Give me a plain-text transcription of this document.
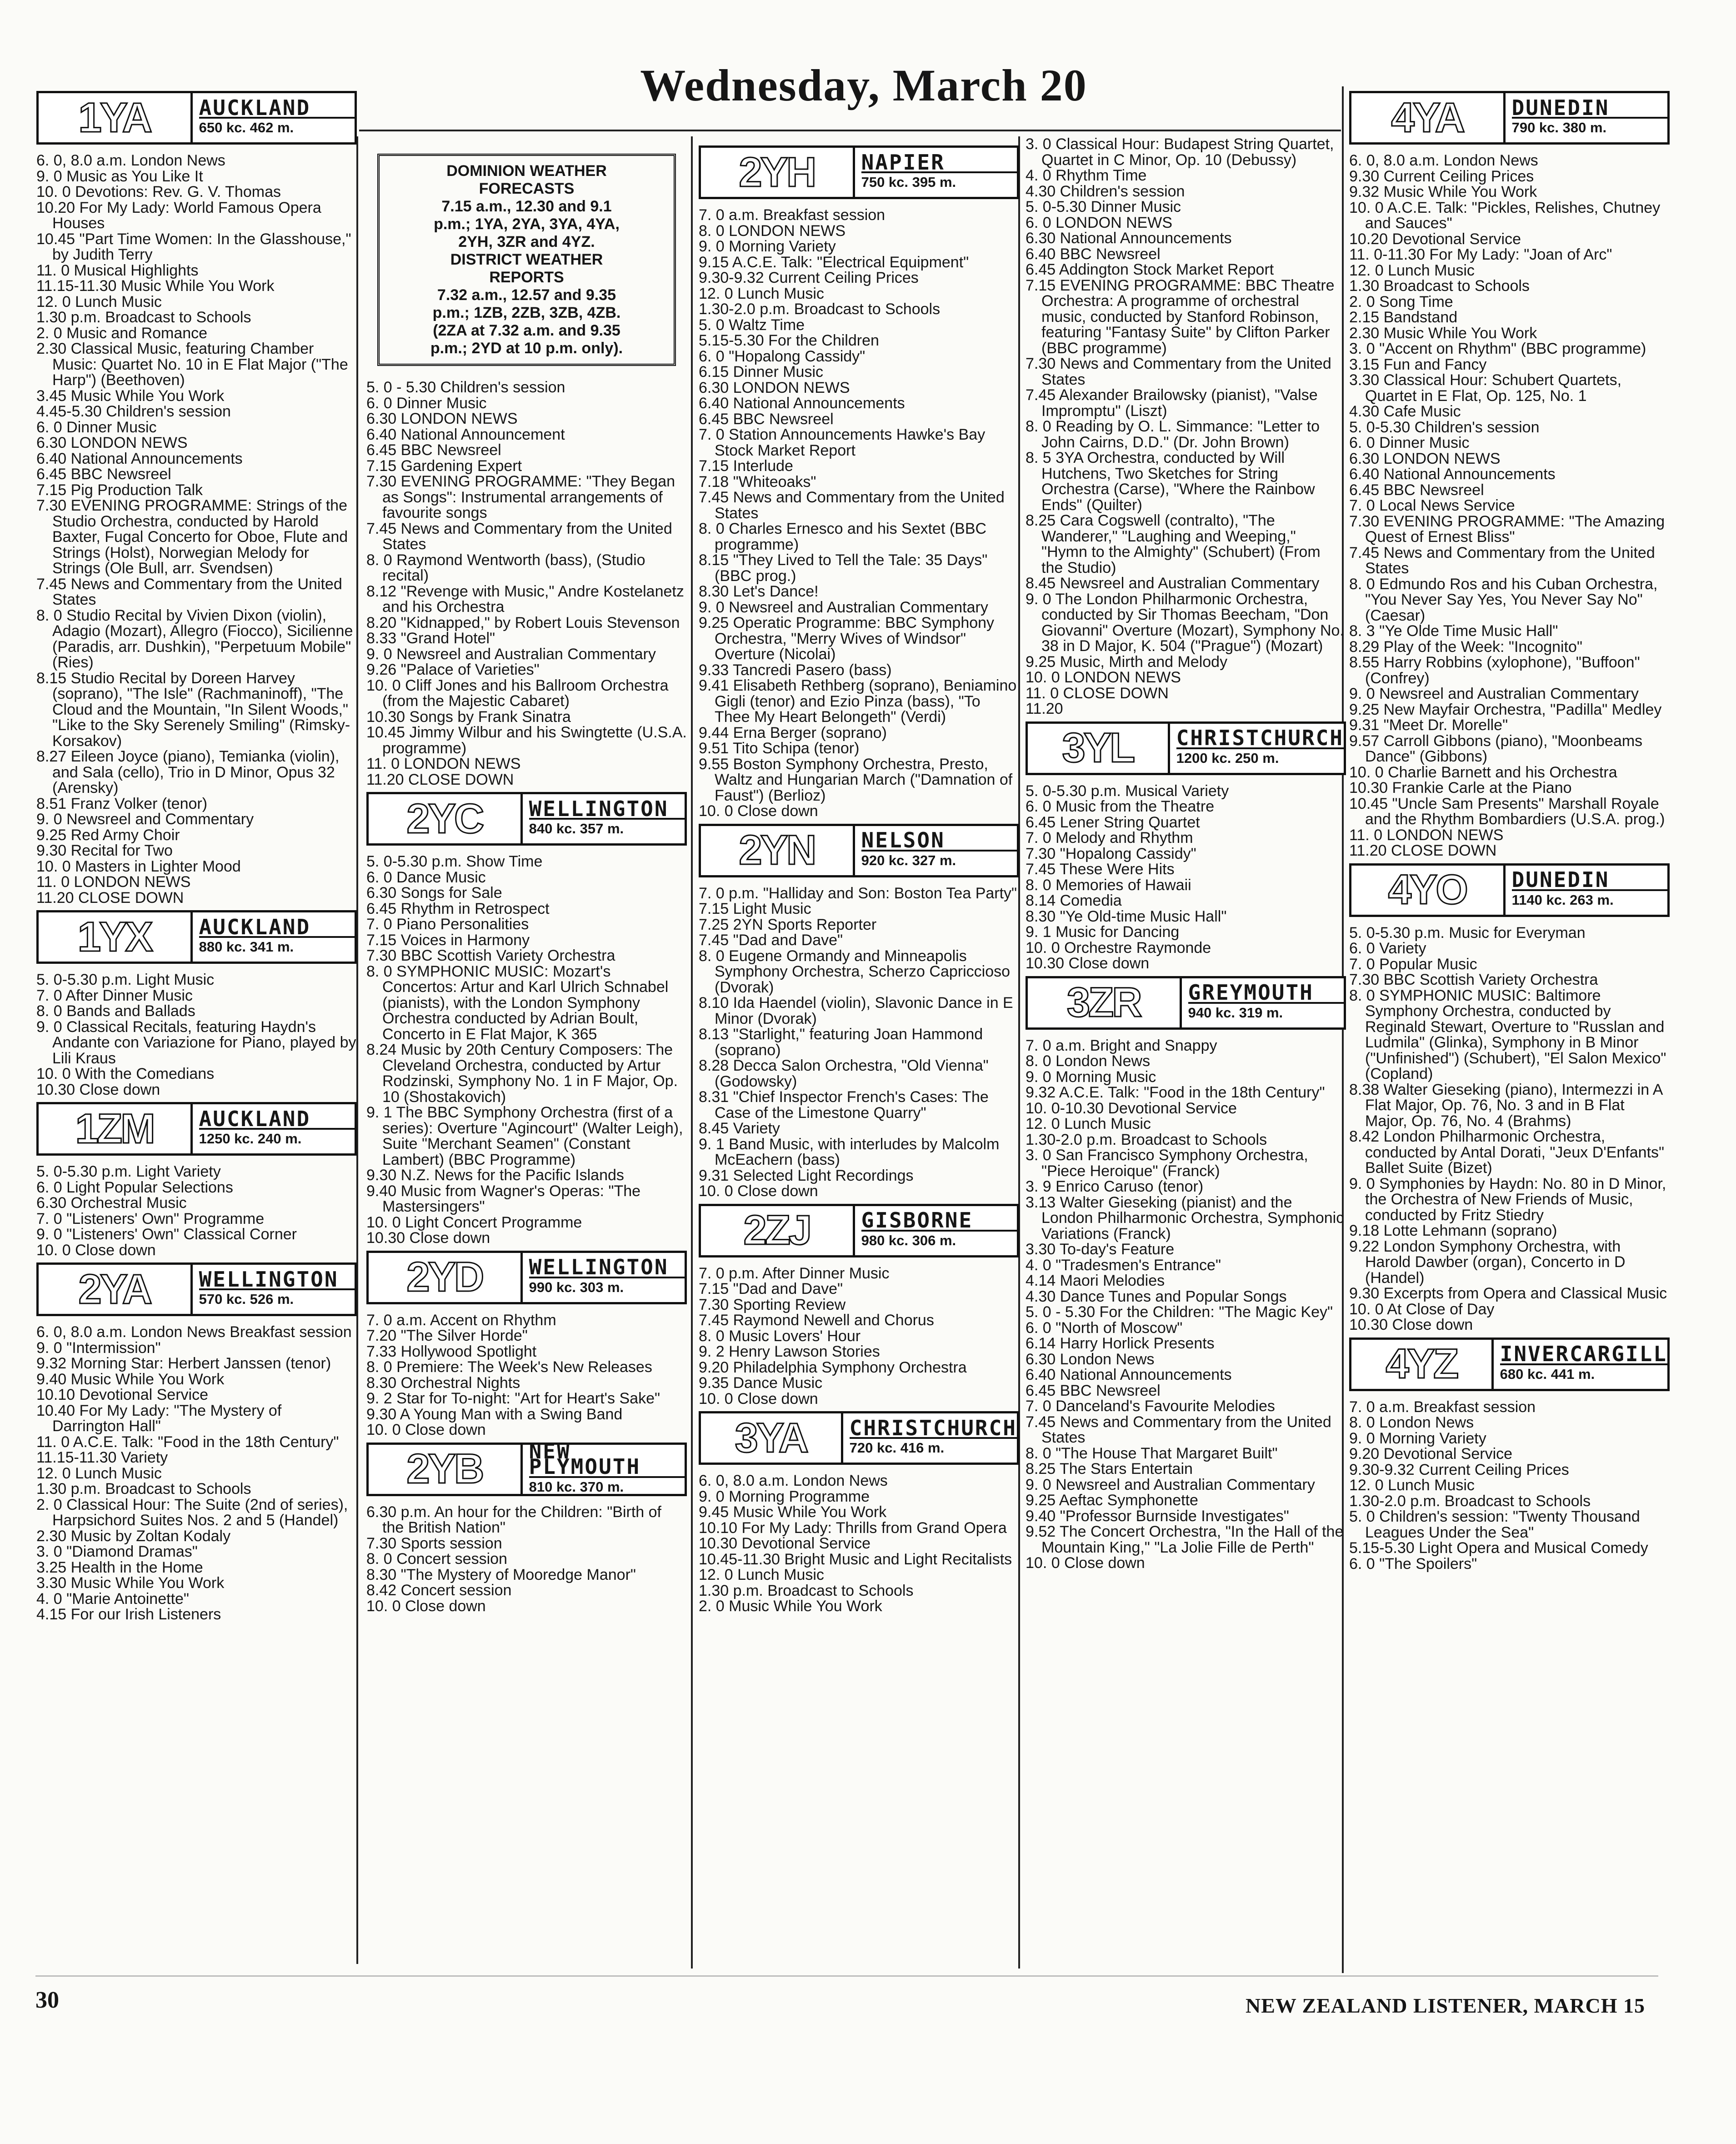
Wednesday, March 20
1YA	AUCKLAND
650 kc. 462 m.

6. 0, 8.0 a.m. London News

9. 0 Music as You Like It

10. 0 Devotions: Rev. G. V. Thomas

10.20 For My Lady: World Famous Opera Houses

10.45 "Part Time Women: In the Glasshouse," by Judith Terry

11. 0 Musical Highlights

11.15-11.30 Music While You Work

12. 0 Lunch Music

1.30 p.m. Broadcast to Schools

2. 0 Music and Romance

2.30 Classical Music, featuring Chamber Music: Quartet No. 10 in E Flat Major ("The Harp") (Beethoven)

3.45 Music While You Work

4.45-5.30 Children's session

6. 0 Dinner Music

6.30 LONDON NEWS

6.40 National Announcements

6.45 BBC Newsreel

7.15 Pig Production Talk

7.30 EVENING PROGRAMME: Strings of the Studio Orchestra, conducted by Harold Baxter, Fugal Concerto for Oboe, Flute and Strings (Holst), Norwegian Melody for Strings (Ole Bull, arr. Svendsen)

7.45 News and Commentary from the United States

8. 0 Studio Recital by Vivien Dixon (violin), Adagio (Mozart), Allegro (Fiocco), Sicilienne (Paradis, arr. Dushkin), "Perpetuum Mobile" (Ries)

8.15 Studio Recital by Doreen Harvey (soprano), "The Isle" (Rachmaninoff), "The Cloud and the Mountain, "In Silent Woods," "Like to the Sky Serenely Smiling" (Rimsky-Korsakov)

8.27 Eileen Joyce (piano), Temianka (violin), and Sala (cello), Trio in D Minor, Opus 32 (Arensky)

8.51 Franz Volker (tenor)

9. 0 Newsreel and Commentary

9.25 Red Army Choir

9.30 Recital for Two

10. 0 Masters in Lighter Mood

11. 0 LONDON NEWS

11.20 CLOSE DOWN

1YX	AUCKLAND
880 kc. 341 m.

5. 0-5.30 p.m. Light Music

7. 0 After Dinner Music

8. 0 Bands and Ballads

9. 0 Classical Recitals, featuring Haydn's Andante con Variazione for Piano, played by Lili Kraus

10. 0 With the Comedians

10.30 Close down

1ZM	AUCKLAND
1250 kc. 240 m.

5. 0-5.30 p.m. Light Variety

6. 0 Light Popular Selections

6.30 Orchestral Music

7. 0 "Listeners' Own" Programme

9. 0 "Listeners' Own" Classical Corner

10. 0 Close down

2YA	WELLINGTON
570 kc. 526 m.

6. 0, 8.0 a.m. London News Breakfast session

9. 0 "Intermission"

9.32 Morning Star: Herbert Janssen (tenor)

9.40 Music While You Work

10.10 Devotional Service

10.40 For My Lady: "The Mystery of Darrington Hall"

11. 0 A.C.E. Talk: "Food in the 18th Century"

11.15-11.30 Variety

12. 0 Lunch Music

1.30 p.m. Broadcast to Schools

2. 0 Classical Hour: The Suite (2nd of series), Harpsichord Suites Nos. 2 and 5 (Handel)

2.30 Music by Zoltan Kodaly

3. 0 "Diamond Dramas"

3.25 Health in the Home

3.30 Music While You Work

4. 0 "Marie Antoinette"

4.15 For our Irish Listeners

DOMINION WEATHER
FORECASTS
7.15 a.m., 12.30 and 9.1
p.m.; 1YA, 2YA, 3YA, 4YA,
2YH, 3ZR and 4YZ.
DISTRICT WEATHER
REPORTS
7.32 a.m., 12.57 and 9.35
p.m.; 1ZB, 2ZB, 3ZB, 4ZB.
(2ZA at 7.32 a.m. and 9.35
p.m.; 2YD at 10 p.m. only).

5. 0 - 5.30 Children's session

6. 0 Dinner Music

6.30 LONDON NEWS

6.40 National Announcement

6.45 BBC Newsreel

7.15 Gardening Expert

7.30 EVENING PROGRAMME: "They Began as Songs": Instrumental arrangements of favourite songs

7.45 News and Commentary from the United States

8. 0 Raymond Wentworth (bass), (Studio recital)

8.12 "Revenge with Music," Andre Kostelanetz and his Orchestra

8.20 "Kidnapped," by Robert Louis Stevenson

8.33 "Grand Hotel"

9. 0 Newsreel and Australian Commentary

9.26 "Palace of Varieties"

10. 0 Cliff Jones and his Ballroom Orchestra (from the Majestic Cabaret)

10.30 Songs by Frank Sinatra

10.45 Jimmy Wilbur and his Swingtette (U.S.A. programme)

11. 0 LONDON NEWS

11.20 CLOSE DOWN

2YC	WELLINGTON
840 kc. 357 m.

5. 0-5.30 p.m. Show Time

6. 0 Dance Music

6.30 Songs for Sale

6.45 Rhythm in Retrospect

7. 0 Piano Personalities

7.15 Voices in Harmony

7.30 BBC Scottish Variety Orchestra

8. 0 SYMPHONIC MUSIC: Mozart's Concertos: Artur and Karl Ulrich Schnabel (pianists), with the London Symphony Orchestra conducted by Adrian Boult, Concerto in E Flat Major, K 365

8.24 Music by 20th Century Composers: The Cleveland Orchestra, conducted by Artur Rodzinski, Symphony No. 1 in F Major, Op. 10 (Shostakovich)

9. 1 The BBC Symphony Orchestra (first of a series): Overture "Agincourt" (Walter Leigh), Suite "Merchant Seamen" (Constant Lambert) (BBC Programme)

9.30 N.Z. News for the Pacific Islands

9.40 Music from Wagner's Operas: "The Mastersingers"

10. 0 Light Concert Programme

10.30 Close down

2YD	WELLINGTON
990 kc. 303 m.

7. 0 a.m. Accent on Rhythm

7.20 "The Silver Horde"

7.33 Hollywood Spotlight

8. 0 Premiere: The Week's New Releases

8.30 Orchestral Nights

9. 2 Star for To-night: "Art for Heart's Sake"

9.30 A Young Man with a Swing Band

10. 0 Close down

2YB	NEW PLYMOUTH
810 kc. 370 m.

6.30 p.m. An hour for the Children: "Birth of the British Nation"

7.30 Sports session

8. 0 Concert session

8.30 "The Mystery of Mooredge Manor"

8.42 Concert session

10. 0 Close down

2YH	NAPIER
750 kc. 395 m.

7. 0 a.m. Breakfast session

8. 0 LONDON NEWS

9. 0 Morning Variety

9.15 A.C.E. Talk: "Electrical Equipment"

9.30-9.32 Current Ceiling Prices

12. 0 Lunch Music

1.30-2.0 p.m. Broadcast to Schools

5. 0 Waltz Time

5.15-5.30 For the Children

6. 0 "Hopalong Cassidy"

6.15 Dinner Music

6.30 LONDON NEWS

6.40 National Announcements

6.45 BBC Newsreel

7. 0 Station Announcements Hawke's Bay Stock Market Report

7.15 Interlude

7.18 "Whiteoaks"

7.45 News and Commentary from the United States

8. 0 Charles Ernesco and his Sextet (BBC programme)

8.15 "They Lived to Tell the Tale: 35 Days" (BBC prog.)

8.30 Let's Dance!

9. 0 Newsreel and Australian Commentary

9.25 Operatic Programme: BBC Symphony Orchestra, "Merry Wives of Windsor" Overture (Nicolai)

9.33 Tancredi Pasero (bass)

9.41 Elisabeth Rethberg (soprano), Beniamino Gigli (tenor) and Ezio Pinza (bass), "To Thee My Heart Belongeth" (Verdi)

9.44 Erna Berger (soprano)

9.51 Tito Schipa (tenor)

9.55 Boston Symphony Orchestra, Presto, Waltz and Hungarian March ("Damnation of Faust") (Berlioz)

10. 0 Close down

2YN	NELSON
920 kc. 327 m.

7. 0 p.m. "Halliday and Son: Boston Tea Party"

7.15 Light Music

7.25 2YN Sports Reporter

7.45 "Dad and Dave"

8. 0 Eugene Ormandy and Minneapolis Symphony Orchestra, Scherzo Capriccioso (Dvorak)

8.10 Ida Haendel (violin), Slavonic Dance in E Minor (Dvorak)

8.13 "Starlight," featuring Joan Hammond (soprano)

8.28 Decca Salon Orchestra, "Old Vienna" (Godowsky)

8.31 "Chief Inspector French's Cases: The Case of the Limestone Quarry"

8.45 Variety

9. 1 Band Music, with interludes by Malcolm McEachern (bass)

9.31 Selected Light Recordings

10. 0 Close down

2ZJ	GISBORNE
980 kc. 306 m.

7. 0 p.m. After Dinner Music

7.15 "Dad and Dave"

7.30 Sporting Review

7.45 Raymond Newell and Chorus

8. 0 Music Lovers' Hour

9. 2 Henry Lawson Stories

9.20 Philadelphia Symphony Orchestra

9.35 Dance Music

10. 0 Close down

3YA	CHRISTCHURCH
720 kc. 416 m.

6. 0, 8.0 a.m. London News

9. 0 Morning Programme

9.45 Music While You Work

10.10 For My Lady: Thrills from Grand Opera

10.30 Devotional Service

10.45-11.30 Bright Music and Light Recitalists

12. 0 Lunch Music

1.30 p.m. Broadcast to Schools

2. 0 Music While You Work

3. 0 Classical Hour: Budapest String Quartet, Quartet in C Minor, Op. 10 (Debussy)

4. 0 Rhythm Time

4.30 Children's session

5. 0-5.30 Dinner Music

6. 0 LONDON NEWS

6.30 National Announcements

6.40 BBC Newsreel

6.45 Addington Stock Market Report

7.15 EVENING PROGRAMME: BBC Theatre Orchestra: A programme of orchestral music, conducted by Stanford Robinson, featuring "Fantasy Suite" by Clifton Parker (BBC programme)

7.30 News and Commentary from the United States

7.45 Alexander Brailowsky (pianist), "Valse Impromptu" (Liszt)

8. 0 Reading by O. L. Simmance: "Letter to John Cairns, D.D." (Dr. John Brown)

8. 5 3YA Orchestra, conducted by Will Hutchens, Two Sketches for String Orchestra (Carse), "Where the Rainbow Ends" (Quilter)

8.25 Cara Cogswell (contralto), "The Wanderer," "Laughing and Weeping," "Hymn to the Almighty" (Schubert) (From the Studio)

8.45 Newsreel and Australian Commentary

9. 0 The London Philharmonic Orchestra, conducted by Sir Thomas Beecham, "Don Giovanni" Overture (Mozart), Symphony No. 38 in D Major, K. 504 ("Prague") (Mozart)

9.25 Music, Mirth and Melody

10. 0 LONDON NEWS

11. 0 CLOSE DOWN

11.20

3YL	CHRISTCHURCH
1200 kc. 250 m.

5. 0-5.30 p.m. Musical Variety

6. 0 Music from the Theatre

6.45 Lener String Quartet

7. 0 Melody and Rhythm

7.30 "Hopalong Cassidy"

7.45 These Were Hits

8. 0 Memories of Hawaii

8.14 Comedia

8.30 "Ye Old-time Music Hall"

9. 1 Music for Dancing

10. 0 Orchestre Raymonde

10.30 Close down

3ZR	GREYMOUTH
940 kc. 319 m.

7. 0 a.m. Bright and Snappy

8. 0 London News

9. 0 Morning Music

9.32 A.C.E. Talk: "Food in the 18th Century"

10. 0-10.30 Devotional Service

12. 0 Lunch Music

1.30-2.0 p.m. Broadcast to Schools

3. 0 San Francisco Symphony Orchestra, "Piece Heroique" (Franck)

3. 9 Enrico Caruso (tenor)

3.13 Walter Gieseking (pianist) and the London Philharmonic Orchestra, Symphonic Variations (Franck)

3.30 To-day's Feature

4. 0 "Tradesmen's Entrance"

4.14 Maori Melodies

4.30 Dance Tunes and Popular Songs

5. 0 - 5.30 For the Children: "The Magic Key"

6. 0 "North of Moscow"

6.14 Harry Horlick Presents

6.30 London News

6.40 National Announcements

6.45 BBC Newsreel

7. 0 Danceland's Favourite Melodies

7.45 News and Commentary from the United States

8. 0 "The House That Margaret Built"

8.25 The Stars Entertain

9. 0 Newsreel and Australian Commentary

9.25 Aeftac Symphonette

9.40 "Professor Burnside Investigates"

9.52 The Concert Orchestra, "In the Hall of the Mountain King," "La Jolie Fille de Perth"

10. 0 Close down

4YA	DUNEDIN
790 kc. 380 m.

6. 0, 8.0 a.m. London News

9.30 Current Ceiling Prices

9.32 Music While You Work

10. 0 A.C.E. Talk: "Pickles, Relishes, Chutney and Sauces"

10.20 Devotional Service

11. 0-11.30 For My Lady: "Joan of Arc"

12. 0 Lunch Music

1.30 Broadcast to Schools

2. 0 Song Time

2.15 Bandstand

2.30 Music While You Work

3. 0 "Accent on Rhythm" (BBC programme)

3.15 Fun and Fancy

3.30 Classical Hour: Schubert Quartets, Quartet in E Flat, Op. 125, No. 1

4.30 Cafe Music

5. 0-5.30 Children's session

6. 0 Dinner Music

6.30 LONDON NEWS

6.40 National Announcements

6.45 BBC Newsreel

7. 0 Local News Service

7.30 EVENING PROGRAMME: "The Amazing Quest of Ernest Bliss"

7.45 News and Commentary from the United States

8. 0 Edmundo Ros and his Cuban Orchestra, "You Never Say Yes, You Never Say No" (Caesar)

8. 3 "Ye Olde Time Music Hall"

8.29 Play of the Week: "Incognito"

8.55 Harry Robbins (xylophone), "Buffoon" (Confrey)

9. 0 Newsreel and Australian Commentary

9.25 New Mayfair Orchestra, "Padilla" Medley

9.31 "Meet Dr. Morelle"

9.57 Carroll Gibbons (piano), "Moonbeams Dance" (Gibbons)

10. 0 Charlie Barnett and his Orchestra

10.30 Frankie Carle at the Piano

10.45 "Uncle Sam Presents" Marshall Royale and the Rhythm Bombardiers (U.S.A. prog.)

11. 0 LONDON NEWS

11.20 CLOSE DOWN

4YO	DUNEDIN
1140 kc. 263 m.

5. 0-5.30 p.m. Music for Everyman

6. 0 Variety

7. 0 Popular Music

7.30 BBC Scottish Variety Orchestra

8. 0 SYMPHONIC MUSIC: Baltimore Symphony Orchestra, conducted by Reginald Stewart, Overture to "Russlan and Ludmila" (Glinka), Symphony in B Minor ("Unfinished") (Schubert), "El Salon Mexico" (Copland)

8.38 Walter Gieseking (piano), Intermezzi in A Flat Major, Op. 76, No. 3 and in B Flat Major, Op. 76, No. 4 (Brahms)

8.42 London Philharmonic Orchestra, conducted by Antal Dorati, "Jeux D'Enfants" Ballet Suite (Bizet)

9. 0 Symphonies by Haydn: No. 80 in D Minor, the Orchestra of New Friends of Music, conducted by Fritz Stiedry

9.18 Lotte Lehmann (soprano)

9.22 London Symphony Orchestra, with Harold Dawber (organ), Concerto in D (Handel)

9.30 Excerpts from Opera and Classical Music

10. 0 At Close of Day

10.30 Close down

4YZ	INVERCARGILL
680 kc. 441 m.

7. 0 a.m. Breakfast session

8. 0 London News

9. 0 Morning Variety

9.20 Devotional Service

9.30-9.32 Current Ceiling Prices

12. 0 Lunch Music

1.30-2.0 p.m. Broadcast to Schools

5. 0 Children's session: "Twenty Thousand Leagues Under the Sea"

5.15-5.30 Light Opera and Musical Comedy

6. 0 "The Spoilers"

30	NEW ZEALAND LISTENER, MARCH 15
